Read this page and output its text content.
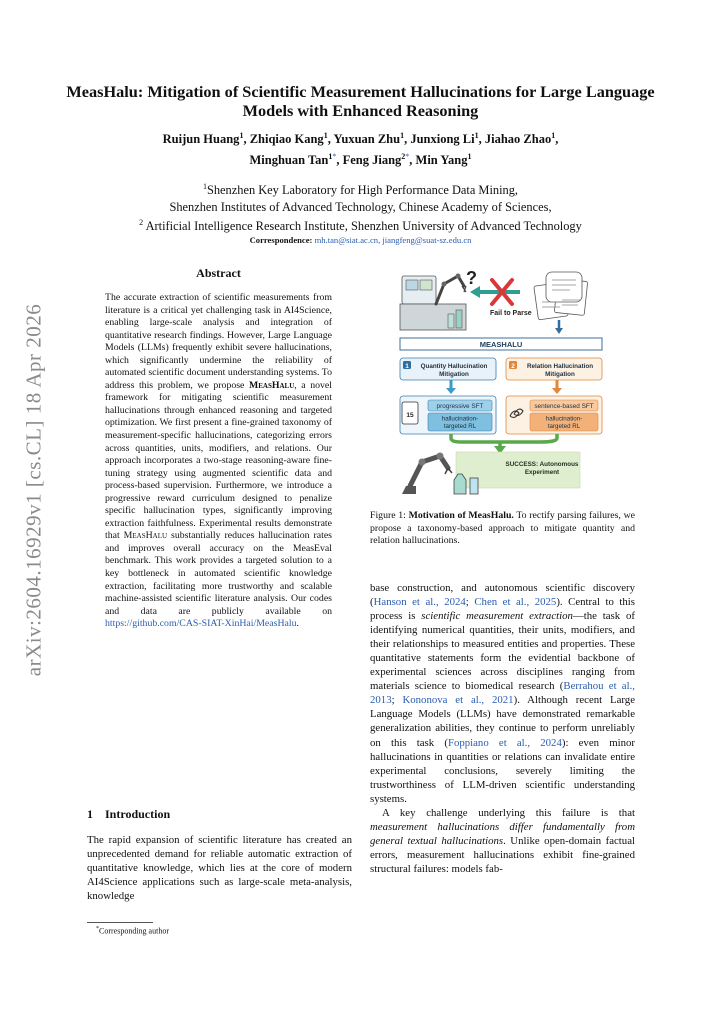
arXiv:2604.16929v1 [cs.CL] 18 Apr 2026
MeasHalu: Mitigation of Scientific Measurement Hallucinations for Large Language Models with Enhanced Reasoning
Ruijun Huang$^1$, Zhiqiao Kang$^1$, Yuxuan Zhu$^1$, Junxiong Li$^1$, Jiahao Zhao$^1$,
Minghuan Tan$^{1*}$, Feng Jiang$^{2*}$, Min Yang$^1$
$^1$Shenzhen Key Laboratory for High Performance Data Mining,
Shenzhen Institutes of Advanced Technology, Chinese Academy of Sciences,
$^2$ Artificial Intelligence Research Institute, Shenzhen University of Advanced Technology
Correspondence: mh.tan@siat.ac.cn, jiangfeng@suat-sz.edu.cn
Abstract
The accurate extraction of scientific measurements from literature is a critical yet challenging task in AI4Science, enabling large-scale analysis and integration of quantitative research findings. However, Large Language Models (LLMs) frequently exhibit severe hallucinations, which significantly undermine the reliability of automated scientific document understanding systems. To address this problem, we propose MeasHalu, a novel framework for mitigating scientific measurement hallucinations through enhanced reasoning and targeted optimization. We first present a fine-grained taxonomy of measurement-specific hallucinations, categorizing errors across quantities, units, modifiers, and relations. Our approach incorporates a two-stage reasoning-aware fine-tuning strategy using augmented scientific data and process-based supervision. Furthermore, we introduce a progressive reward curriculum designed to penalize specific hallucination types, significantly improving extraction faithfulness. Experimental results demonstrate that MeasHalu substantially reduces hallucination rates and improves overall accuracy on the MeasEval benchmark. This work provides a targeted solution to a key bottleneck in automated scientific knowledge extraction, facilitating more trustworthy and scalable machine-assisted scientific literature analysis. Our codes and data are publicly available on https://github.com/CAS-SIAT-XinHai/MeasHalu.
1 Introduction
The rapid expansion of scientific literature has created an unprecedented demand for reliable automatic extraction of quantitative knowledge, which lies at the core of modern AI4Science applications such as large-scale meta-analysis, knowledge
*Corresponding author
?
Fail to Parse
MEASHALU
1 Quantity Hallucination Mitigation
2 Relation Hallucination Mitigation
15
progressive SFT
hallucination-
targeted RL
sentence-based SFT
hallucination-
targeted RL
SUCCESS: Autonomous
Experiment
Figure 1: Motivation of MeasHalu. To rectify parsing failures, we propose a taxonomy-based approach to mitigate quantity and relation hallucinations.

base construction, and autonomous scientific discovery (Hanson et al., 2024; Chen et al., 2025). Central to this process is scientific measurement extraction—the task of identifying numerical quantities, their units, modifiers, and their relationships to measured entities and properties. These quantitative statements form the evidential backbone of experimental sciences across disciplines ranging from materials science to biomedical research (Berrahou et al., 2013; Kononova et al., 2021). Although recent Large Language Models (LLMs) have demonstrated remarkable generalization abilities, they continue to perform unreliably on this task (Foppiano et al., 2024): even minor hallucinations in quantities or relations can invalidate entire experimental conclusions, severely limiting the trustworthiness of LLM-driven scientific understanding systems.

A key challenge underlying this failure is that measurement hallucinations differ fundamentally from general textual hallucinations. Unlike open-domain factual errors, measurement hallucinations exhibit fine-grained structural failures: models fab-
